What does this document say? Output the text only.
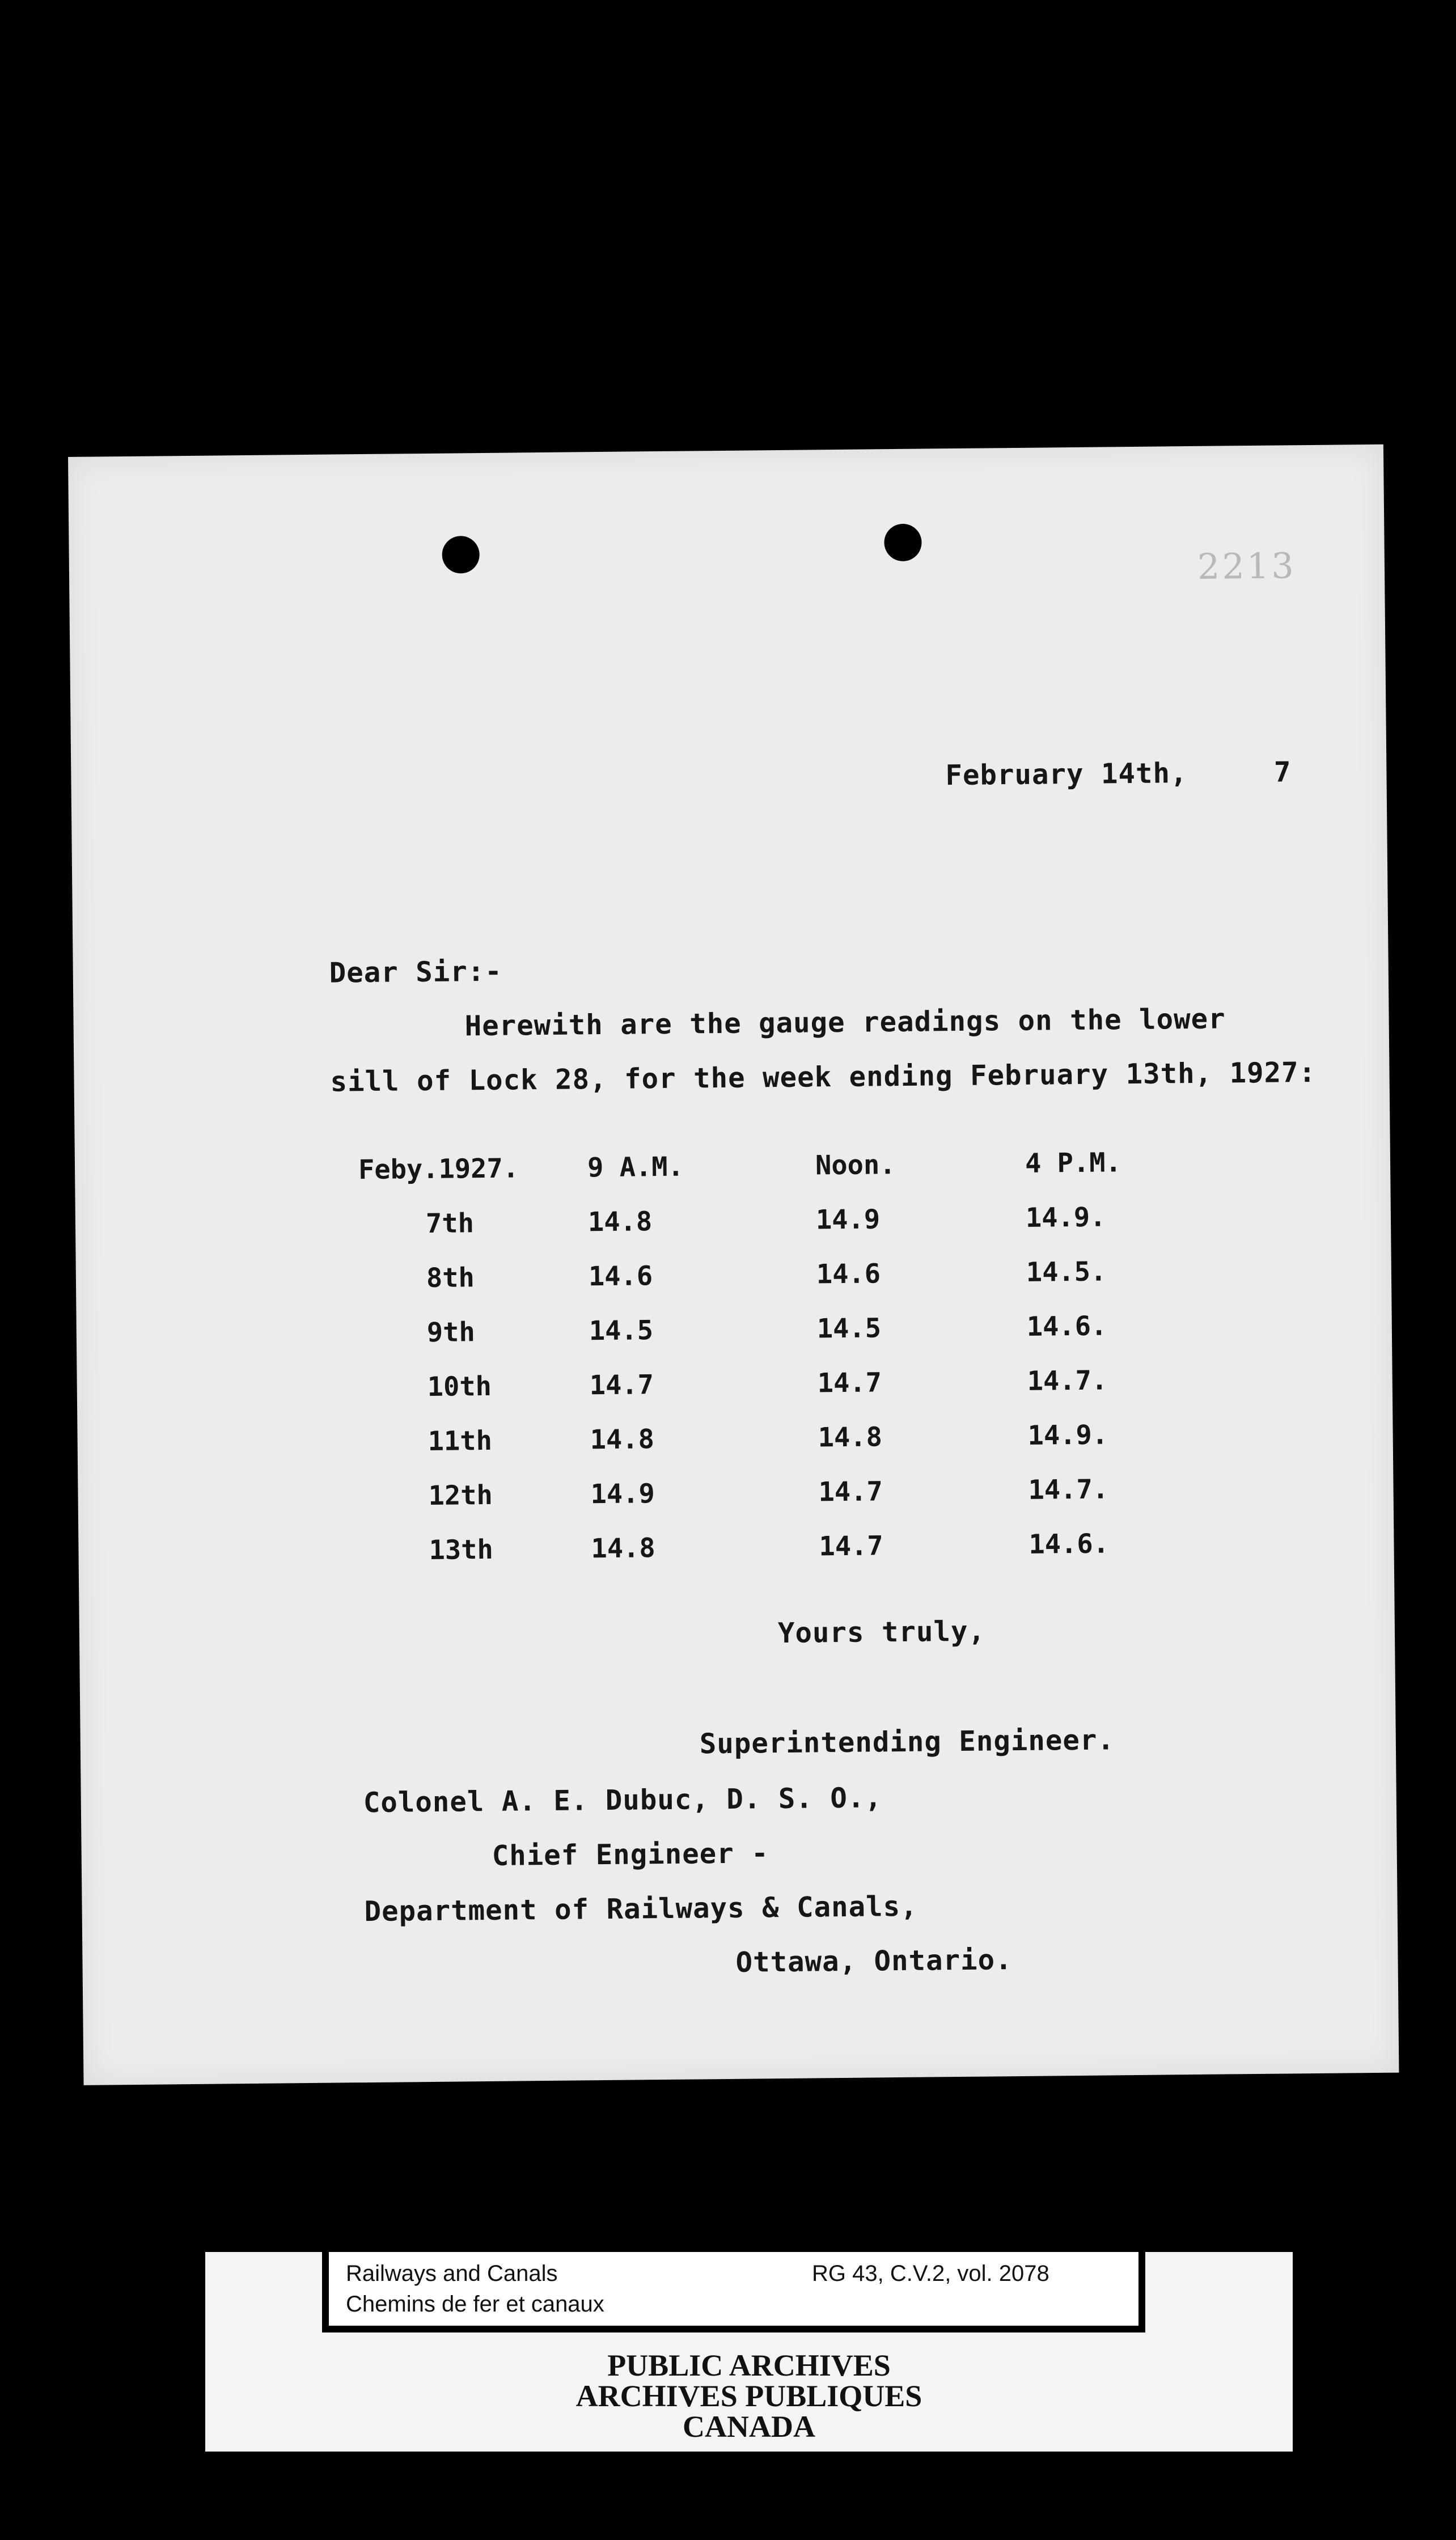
2213
February 14th,     7
Dear Sir:-
Herewith are the gauge readings on the lower
sill of Lock 28, for the week ending February 13th, 1927:
Feby.1927.	9 A.M.	Noon.	4 P.M.
7th	14.8	14.9	14.9.
8th	14.6	14.6	14.5.
9th	14.5	14.5	14.6.
10th	14.7	14.7	14.7.
11th	14.8	14.8	14.9.
12th	14.9	14.7	14.7.
13th	14.8	14.7	14.6.
Yours truly,
Superintending Engineer.
Colonel A. E. Dubuc, D. S. O.,
Chief Engineer -
Department of Railways & Canals,
Ottawa, Ontario.
Railways and Canals
Chemins de fer et canaux
RG 43, C.V.2, vol. 2078
PUBLIC ARCHIVES
ARCHIVES PUBLIQUES
CANADA
